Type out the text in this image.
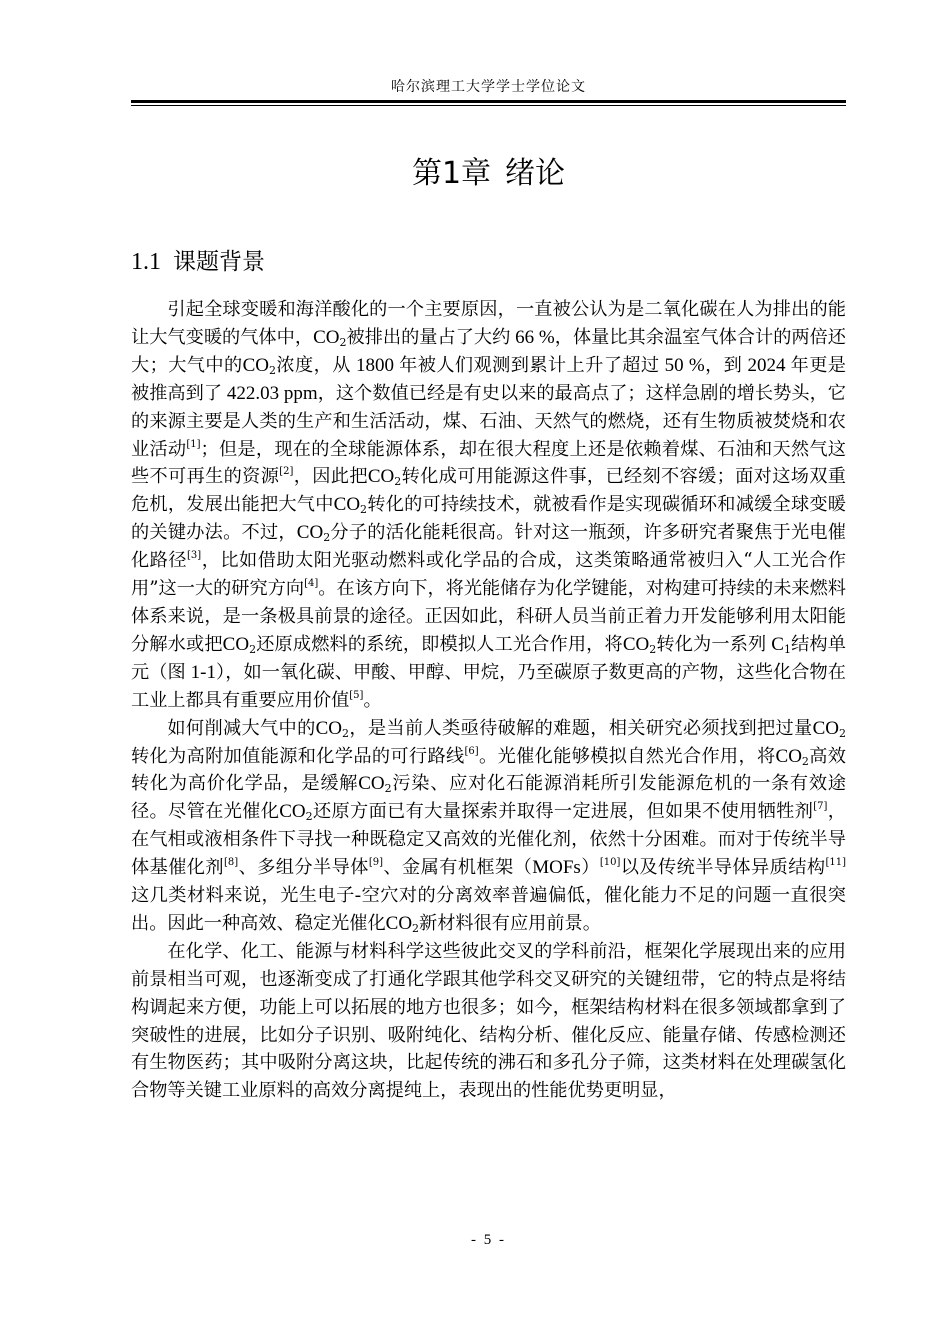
哈尔滨理工大学学士学位论文
第1章 绪论
1.1 课题背景

引起全球变暖和海洋酸化的一个主要原因，一直被公认为是二氧化碳在人为排出的能让大气变暖的气体中，$CO_2$被排出的量占了大约 66 %，体量比其余温室气体合计的两倍还大；大气中的$CO_2$浓度，从 1800 年被人们观测到累计上升了超过 50 %，到 2024 年更是被推高到了 422.03 ppm，这个数值已经是有史以来的最高点了；这样急剧的增长势头，它的来源主要是人类的生产和生活活动，煤、石油、天然气的燃烧，还有生物质被焚烧和农业活动[1]；但是，现在的全球能源体系，却在很大程度上还是依赖着煤、石油和天然气这些不可再生的资源[2]，因此把$CO_2$转化成可用能源这件事，已经刻不容缓；面对这场双重危机，发展出能把大气中$CO_2$转化的可持续技术，就被看作是实现碳循环和减缓全球变暖的关键办法。不过，$CO_2$分子的活化能耗很高。针对这一瓶颈，许多研究者聚焦于光电催化路径[3]，比如借助太阳光驱动燃料或化学品的合成，这类策略通常被归入“人工光合作用”这一大的研究方向[4]。在该方向下，将光能储存为化学键能，对构建可持续的未来燃料体系来说，是一条极具前景的途径。正因如此，科研人员当前正着力开发能够利用太阳能分解水或把$CO_2$还原成燃料的系统，即模拟人工光合作用，将$CO_2$转化为一系列 $C_1$结构单元（图 1-1），如一氧化碳、甲酸、甲醇、甲烷，乃至碳原子数更高的产物，这些化合物在工业上都具有重要应用价值[5]。

如何削减大气中的$CO_2$，是当前人类亟待破解的难题，相关研究必须找到把过量$CO_2$转化为高附加值能源和化学品的可行路线[6]。光催化能够模拟自然光合作用，将$CO_2$高效转化为高价化学品，是缓解$CO_2$污染、应对化石能源消耗所引发能源危机的一条有效途径。尽管在光催化$CO_2$还原方面已有大量探索并取得一定进展，但如果不使用牺牲剂[7]，在气相或液相条件下寻找一种既稳定又高效的光催化剂，依然十分困难。而对于传统半导体基催化剂[8]、多组分半导体[9]、金属有机框架（MOFs）[10]以及传统半导体异质结构[11]这几类材料来说，光生电子-空穴对的分离效率普遍偏低，催化能力不足的问题一直很突出。因此一种高效、稳定光催化$CO_2$新材料很有应用前景。

在化学、化工、能源与材料科学这些彼此交叉的学科前沿，框架化学展现出来的应用前景相当可观，也逐渐变成了打通化学跟其他学科交叉研究的关键纽带，它的特点是将结构调起来方便，功能上可以拓展的地方也很多；如今，框架结构材料在很多领域都拿到了突破性的进展，比如分子识别、吸附纯化、结构分析、催化反应、能量存储、传感检测还有生物医药；其中吸附分离这块，比起传统的沸石和多孔分子筛，这类材料在处理碳氢化合物等关键工业原料的高效分离提纯上，表现出的性能优势更明显，

- 5 -
